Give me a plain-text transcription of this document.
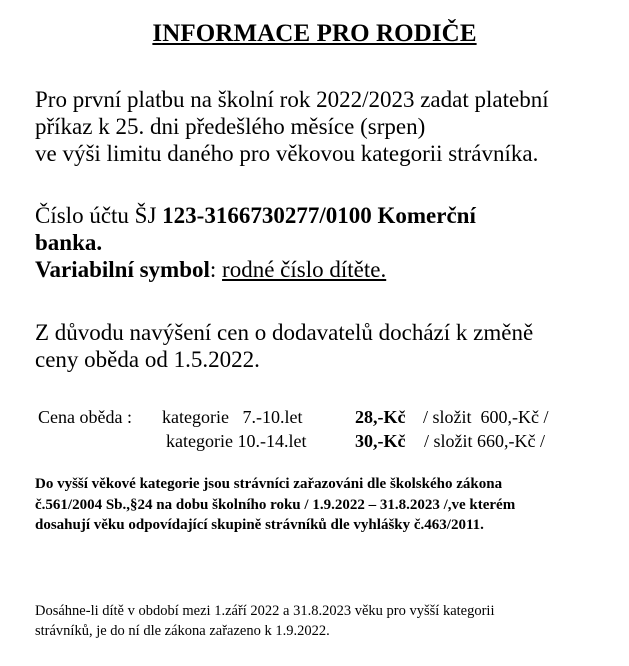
INFORMACE PRO RODIČE
Pro první platbu na školní rok 2022/2023 zadat platební
příkaz k 25. dni předešlého měsíce (srpen)
ve výši limitu daného pro věkovou kategorii strávníka.
Číslo účtu ŠJ 123-3166730277/0100 Komerční
banka.
Variabilní symbol: rodné číslo dítěte.
Z důvodu navýšení cen o dodavatelů dochází k změně
ceny oběda od 1.5.2022.
Cena oběda : kategorie   7.-10.let	28,-Kč / složit  600,-Kč /
kategorie 10.-14.let	30,-Kč / složit 660,-Kč /
Do vyšší věkové kategorie jsou strávníci zařazováni dle školského zákona
č.561/2004 Sb.,§24 na dobu školního roku / 1.9.2022 – 31.8.2023 /,ve kterém
dosahují věku odpovídající skupině strávníků dle vyhlášky č.463/2011.
Dosáhne-li dítě v období mezi 1.září 2022 a 31.8.2023 věku pro vyšší kategorii
strávníků, je do ní dle zákona zařazeno k 1.9.2022.
